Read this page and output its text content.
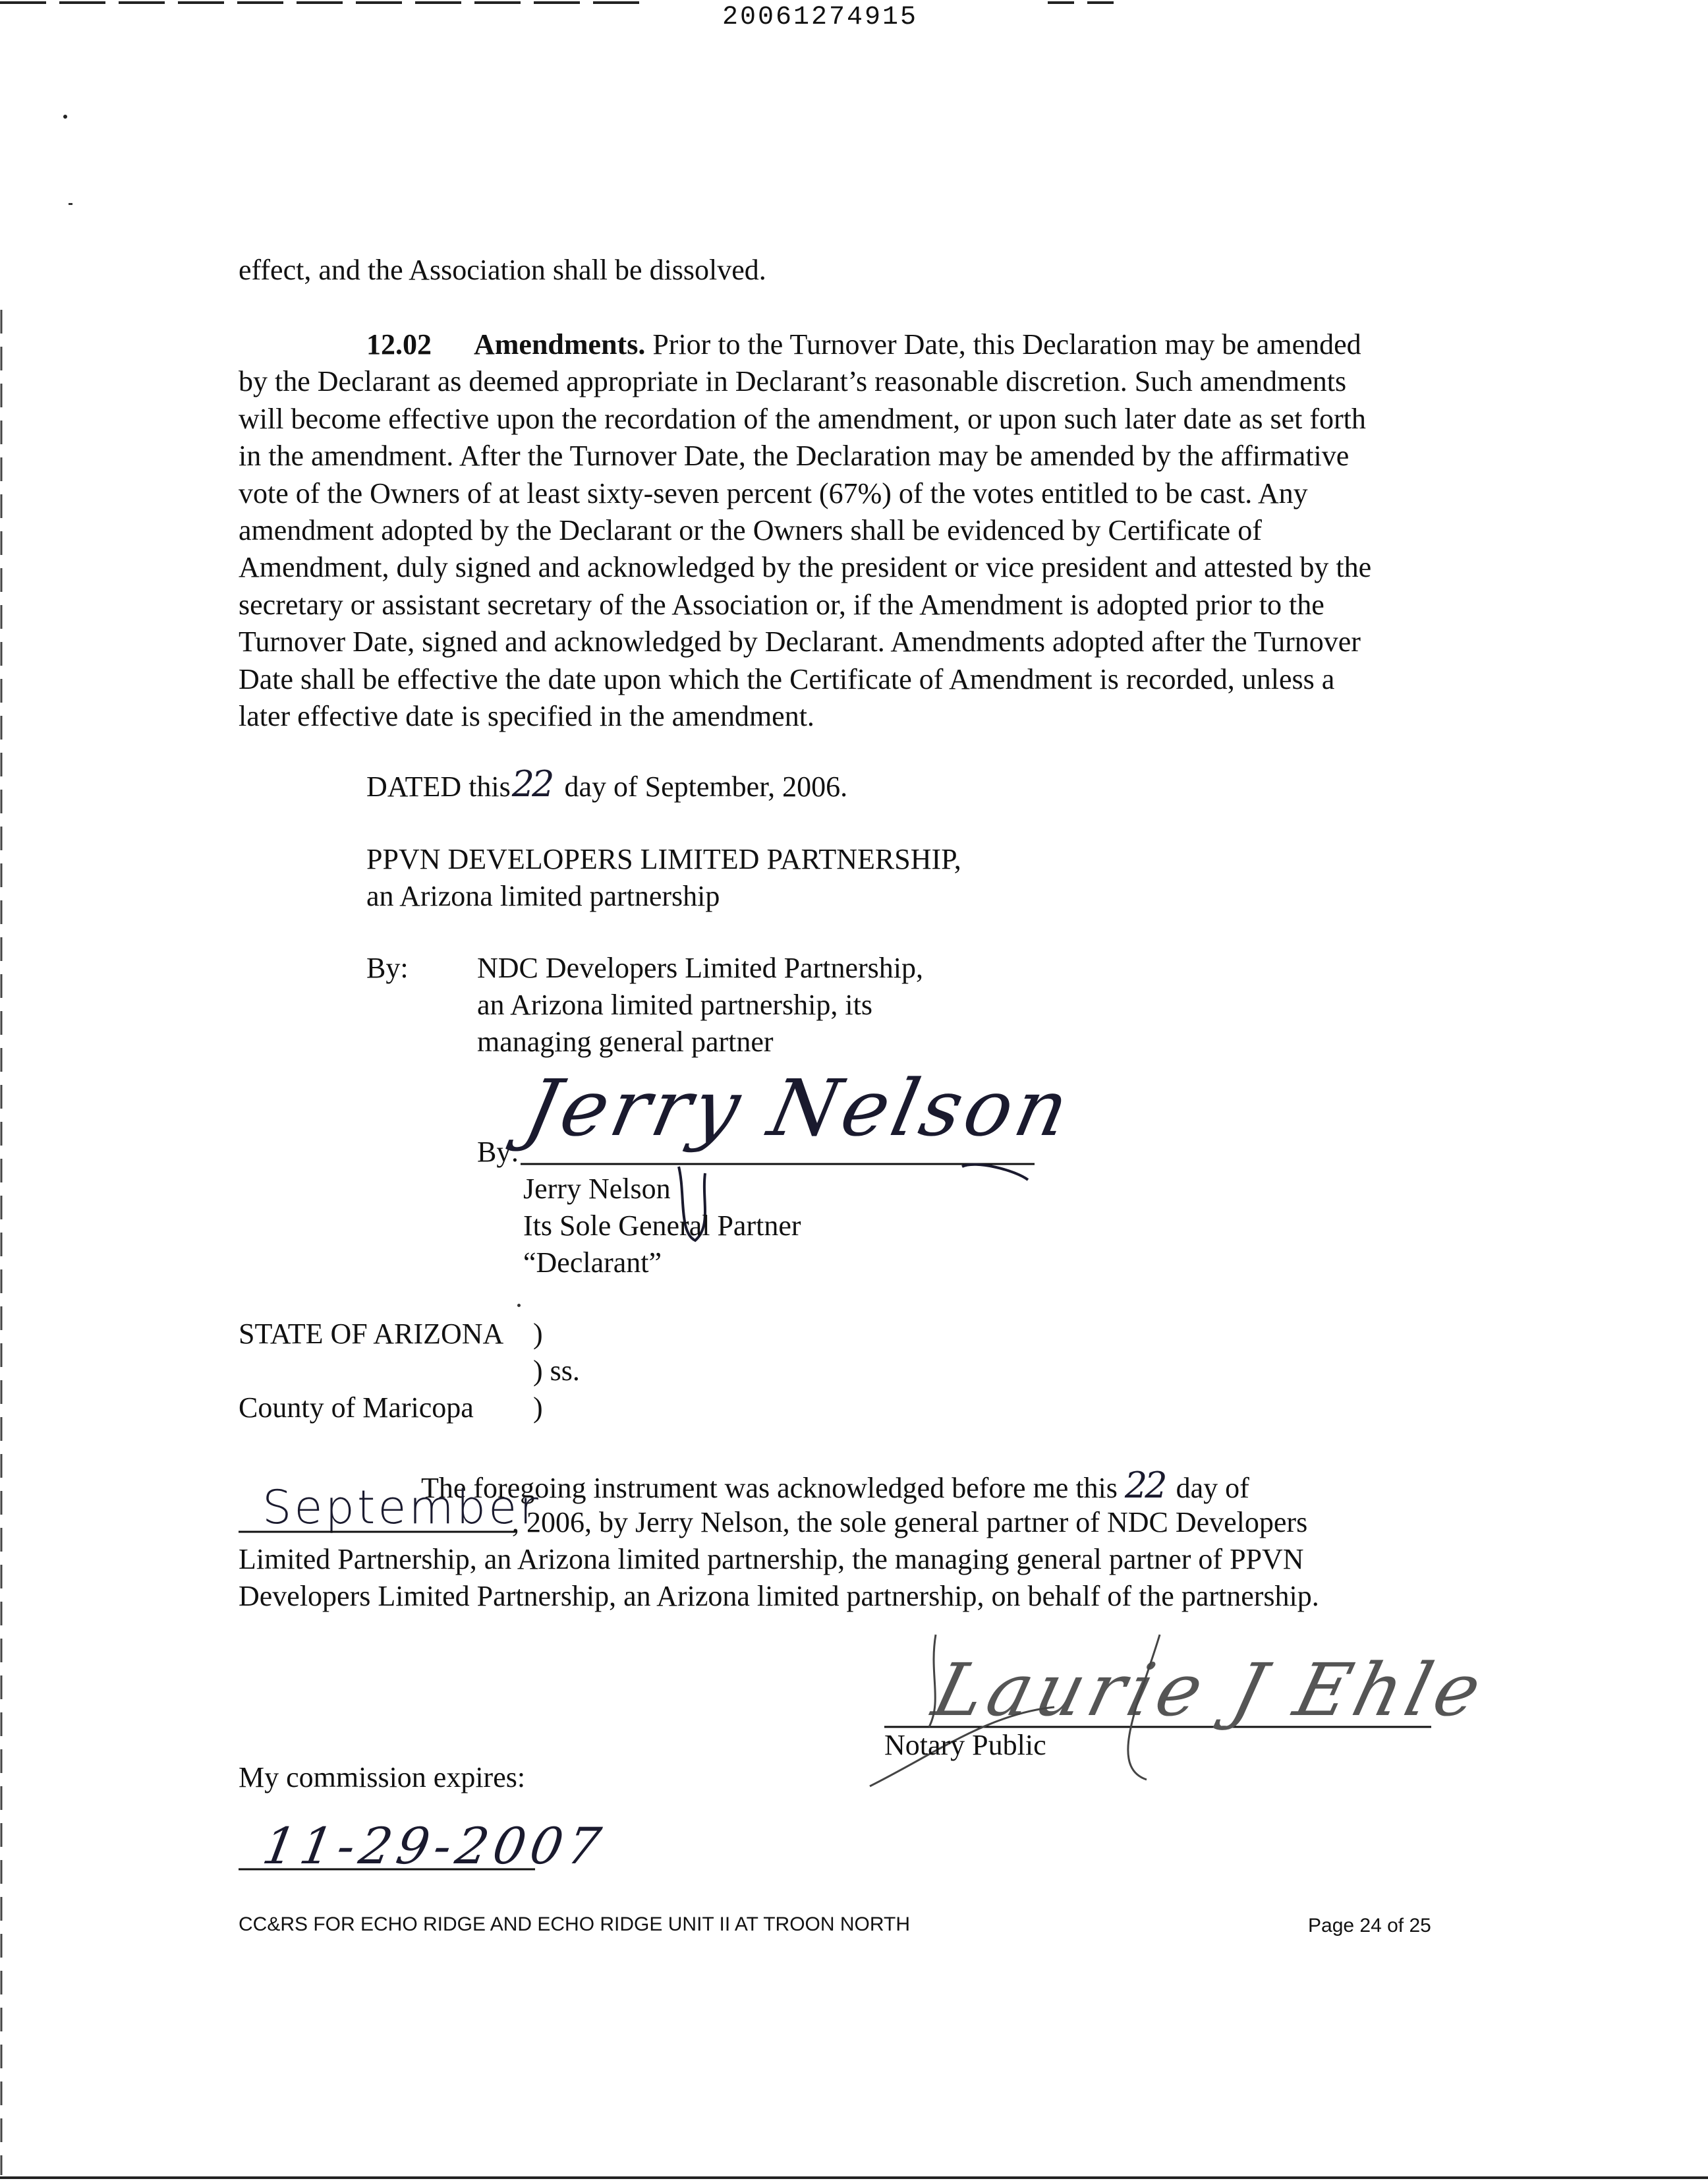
20061274915
effect, and the Association shall be dissolved.
12.02 Amendments. Prior to the Turnover Date, this Declaration may be amended
by the Declarant as deemed appropriate in Declarant’s reasonable discretion. Such amendments
will become effective upon the recordation of the amendment, or upon such later date as set forth
in the amendment. After the Turnover Date, the Declaration may be amended by the affirmative
vote of the Owners of at least sixty-seven percent (67%) of the votes entitled to be cast. Any
amendment adopted by the Declarant or the Owners shall be evidenced by Certificate of
Amendment, duly signed and acknowledged by the president or vice president and attested by the
secretary or assistant secretary of the Association or, if the Amendment is adopted prior to the
Turnover Date, signed and acknowledged by Declarant. Amendments adopted after the Turnover
Date shall be effective the date upon which the Certificate of Amendment is recorded, unless a
later effective date is specified in the amendment.
DATED this22 day of September, 2006.
PPVN DEVELOPERS LIMITED PARTNERSHIP,
an Arizona limited partnership
By: NDC Developers Limited Partnership,
an Arizona limited partnership, its
managing general partner
By:
Jerry Nelson
Jerry Nelson
Its Sole General Partner
“Declarant”
STATE OF ARIZONA )
) ss.
County of Maricopa )
The foregoing instrument was acknowledged before me this 22 day of
September
, 2006, by Jerry Nelson, the sole general partner of NDC Developers
Limited Partnership, an Arizona limited partnership, the managing general partner of PPVN
Developers Limited Partnership, an Arizona limited partnership, on behalf of the partnership.
Laurie J Ehle
Notary Public
My commission expires:
11-29-2007
CC&RS FOR ECHO RIDGE AND ECHO RIDGE UNIT II AT TROON NORTH	Page 24 of 25
